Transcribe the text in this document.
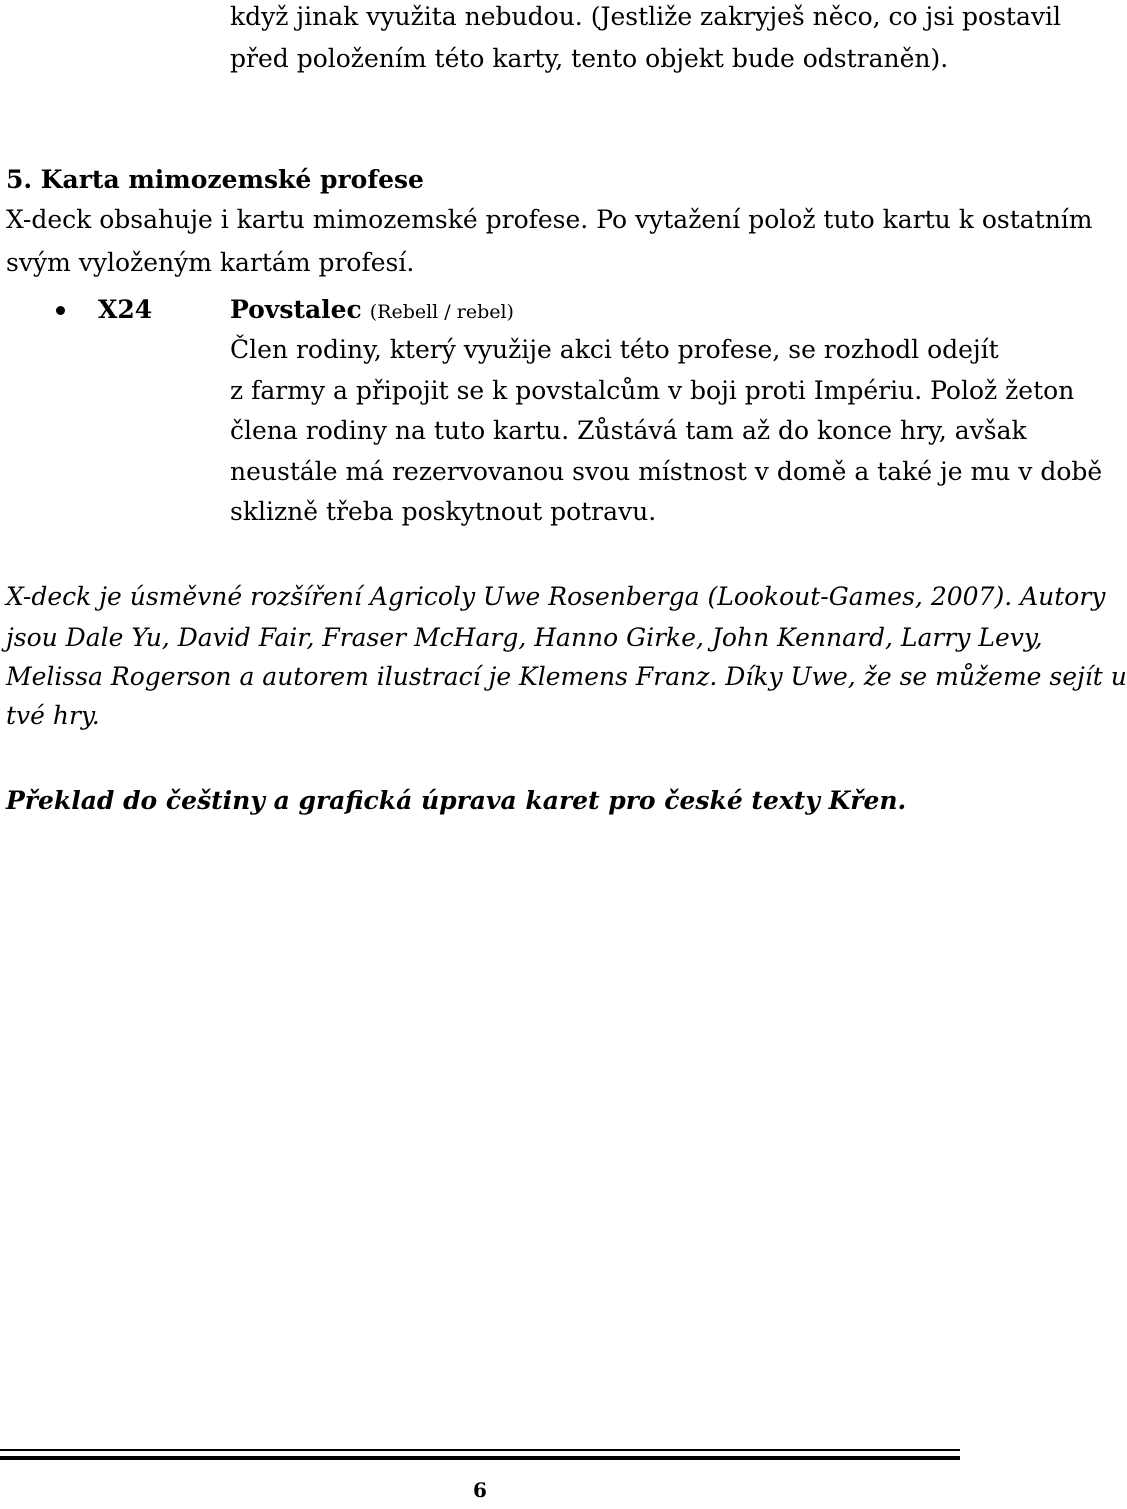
když jinak využita nebudou. (Jestliže zakryješ něco, co jsi postavil
před položením této karty, tento objekt bude odstraněn).
5. Karta mimozemské profese
X-deck obsahuje i kartu mimozemské profese. Po vytažení polož tuto kartu k ostatním
svým vyloženým kartám profesí.
X24	Povstalec (Rebell / rebel)
Člen rodiny, který využije akci této profese, se rozhodl odejít
z farmy a připojit se k povstalcům v boji proti Impériu. Polož žeton
člena rodiny na tuto kartu. Zůstává tam až do konce hry, avšak
neustále má rezervovanou svou místnost v domě a také je mu v době
sklizně třeba poskytnout potravu.
X-deck je úsměvné rozšíření Agricoly Uwe Rosenberga (Lookout-Games, 2007). Autory
jsou Dale Yu, David Fair, Fraser McHarg, Hanno Girke, John Kennard, Larry Levy,
Melissa Rogerson a autorem ilustrací je Klemens Franz. Díky Uwe, že se můžeme sejít u
tvé hry.
Překlad do češtiny a grafická úprava karet pro české texty Křen.
6
